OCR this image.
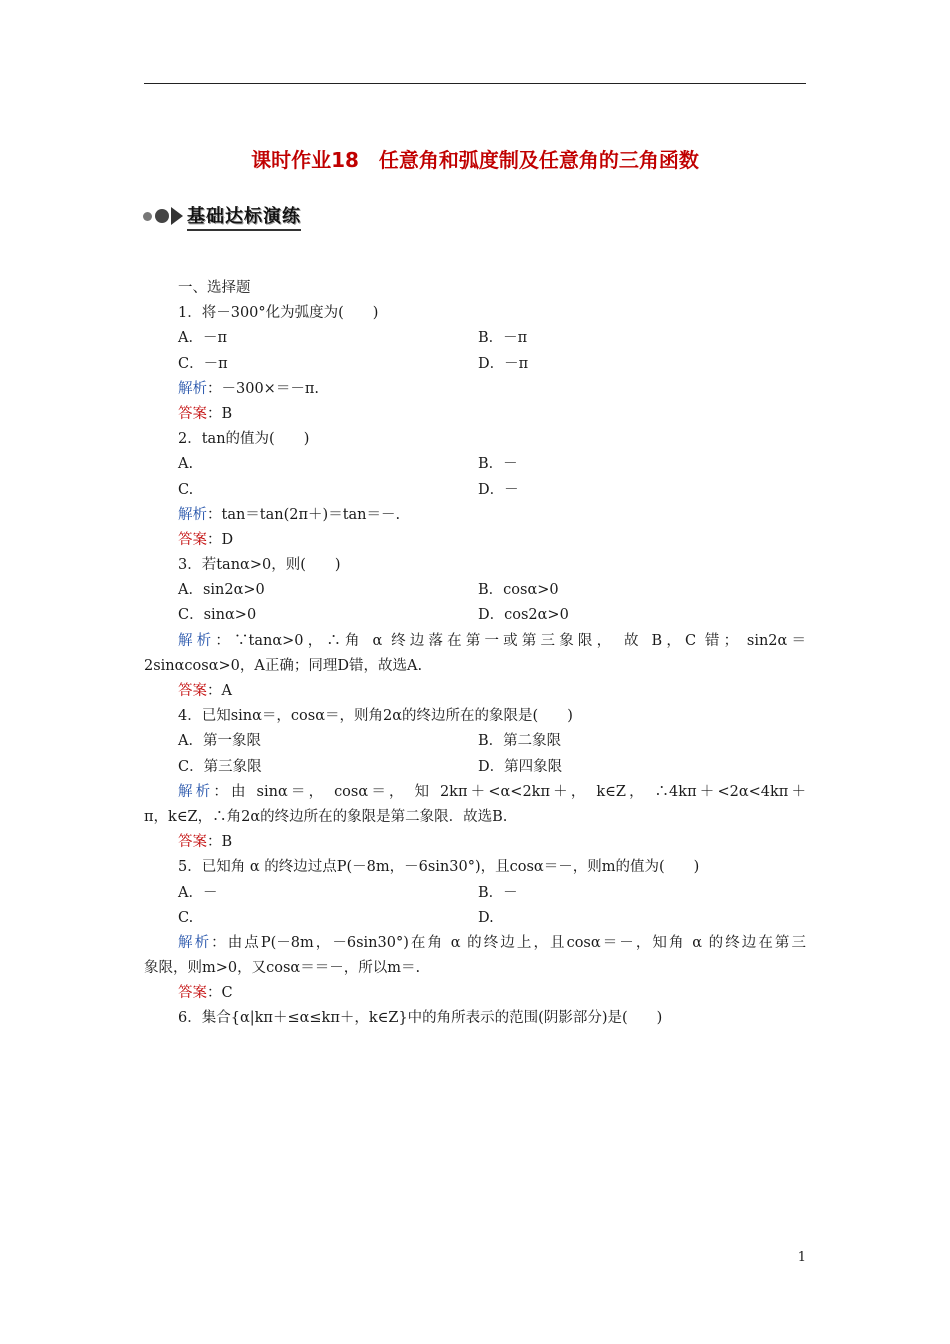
课时作业18　任意角和弧度制及任意角的三角函数
基础达标演练
一、选择题
1．将－300°化为弧度为(　　)
A．－π	B．－π
C．－π	D．－π
解析：－300×＝－π.
答案：B
2．tan的值为(　　)
A.	B．－
C.	D．－
解析：tan＝tan(2π＋)＝tan＝－.
答案：D
3．若tanα>0，则(　　)
A．sin2α>0	B．cosα>0
C．sinα>0	D．cos2α>0
解析：∵tanα>0，∴角 α 终边落在第一或第三象限， 故 B，C 错； sin2α＝
2sinαcosα>0，A正确；同理D错，故选A.
答案：A
4．已知sinα＝，cosα＝，则角2α的终边所在的象限是(　　)
A．第一象限	B．第二象限
C．第三象限	D．第四象限
解析：由 sinα＝， cosα＝， 知 2kπ＋<α<2kπ＋， k∈Z， ∴4kπ＋<2α<4kπ＋
π，k∈Z，∴角2α的终边所在的象限是第二象限．故选B.
答案：B
5．已知角 α 的终边过点P(－8m，－6sin30°)，且cosα＝－，则m的值为(　　)
A．－	B．－
C.	D.
解析：由点P(－8m，－6sin30°)在角 α 的终边上，且cosα＝－，知角 α 的终边在第三
象限，则m>0，又cosα＝＝－，所以m＝.
答案：C
6．集合{α|kπ＋≤α≤kπ＋，k∈Z}中的角所表示的范围(阴影部分)是(　　)
1
